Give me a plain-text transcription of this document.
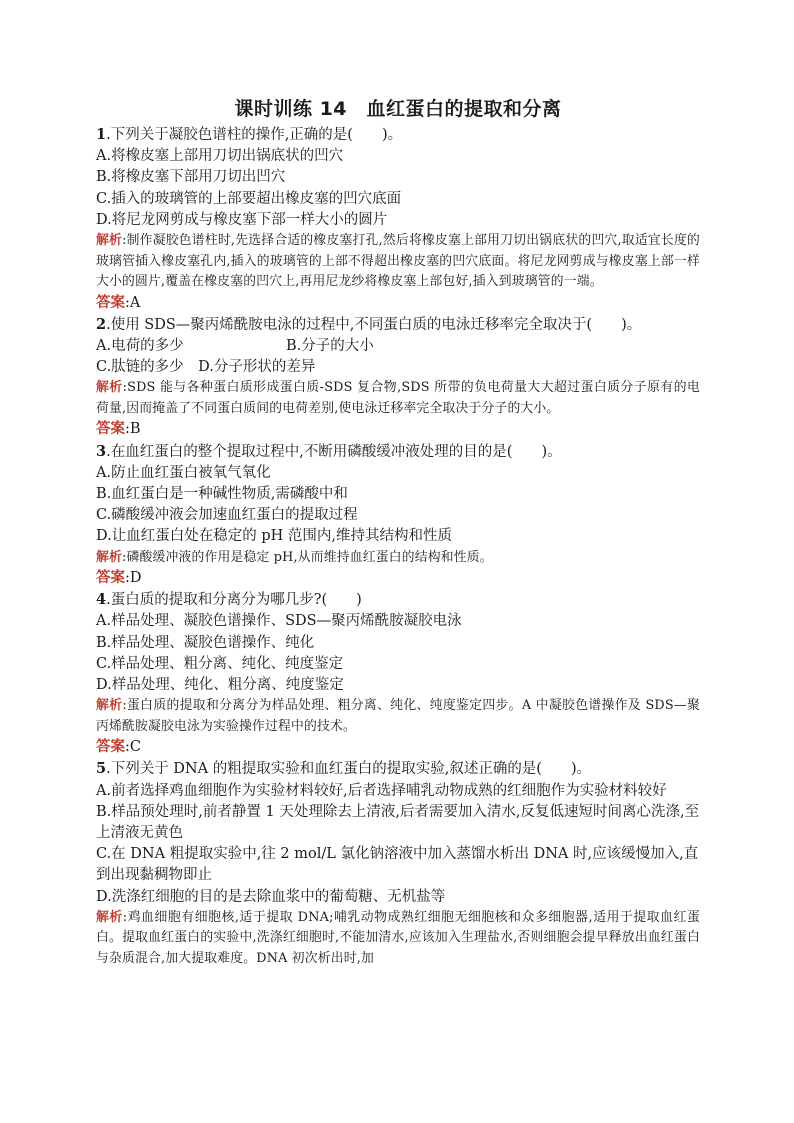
课时训练 14　血红蛋白的提取和分离
1.下列关于凝胶色谱柱的操作,正确的是(　　)。
A.将橡皮塞上部用刀切出锅底状的凹穴
B.将橡皮塞下部用刀切出凹穴
C.插入的玻璃管的上部要超出橡皮塞的凹穴底面
D.将尼龙网剪成与橡皮塞下部一样大小的圆片
解析:制作凝胶色谱柱时,先选择合适的橡皮塞打孔,然后将橡皮塞上部用刀切出锅底状的凹穴,取适宜长度的玻璃管插入橡皮塞孔内,插入的玻璃管的上部不得超出橡皮塞的凹穴底面。将尼龙网剪成与橡皮塞上部一样大小的圆片,覆盖在橡皮塞的凹穴上,再用尼龙纱将橡皮塞上部包好,插入到玻璃管的一端。
答案:A
2.使用 SDS—聚丙烯酰胺电泳的过程中,不同蛋白质的电泳迁移率完全取决于(　　)。
A.电荷的多少	B.分子的大小
C.肽链的多少　D.分子形状的差异
解析:SDS 能与各种蛋白质形成蛋白质-SDS 复合物,SDS 所带的负电荷量大大超过蛋白质分子原有的电荷量,因而掩盖了不同蛋白质间的电荷差别,使电泳迁移率完全取决于分子的大小。
答案:B
3.在血红蛋白的整个提取过程中,不断用磷酸缓冲液处理的目的是(　　)。
A.防止血红蛋白被氧气氧化
B.血红蛋白是一种碱性物质,需磷酸中和
C.磷酸缓冲液会加速血红蛋白的提取过程
D.让血红蛋白处在稳定的 pH 范围内,维持其结构和性质
解析:磷酸缓冲液的作用是稳定 pH,从而维持血红蛋白的结构和性质。
答案:D
4.蛋白质的提取和分离分为哪几步?(　　)
A.样品处理、凝胶色谱操作、SDS—聚丙烯酰胺凝胶电泳
B.样品处理、凝胶色谱操作、纯化
C.样品处理、粗分离、纯化、纯度鉴定
D.样品处理、纯化、粗分离、纯度鉴定
解析:蛋白质的提取和分离分为样品处理、粗分离、纯化、纯度鉴定四步。A 中凝胶色谱操作及 SDS—聚丙烯酰胺凝胶电泳为实验操作过程中的技术。
答案:C
5.下列关于 DNA 的粗提取实验和血红蛋白的提取实验,叙述正确的是(　　)。
A.前者选择鸡血细胞作为实验材料较好,后者选择哺乳动物成熟的红细胞作为实验材料较好
B.样品预处理时,前者静置 1 天处理除去上清液,后者需要加入清水,反复低速短时间离心洗涤,至上清液无黄色
C.在 DNA 粗提取实验中,往 2 mol/L 氯化钠溶液中加入蒸馏水析出 DNA 时,应该缓慢加入,直到出现黏稠物即止
D.洗涤红细胞的目的是去除血浆中的葡萄糖、无机盐等
解析:鸡血细胞有细胞核,适于提取 DNA;哺乳动物成熟红细胞无细胞核和众多细胞器,适用于提取血红蛋白。提取血红蛋白的实验中,洗涤红细胞时,不能加清水,应该加入生理盐水,否则细胞会提早释放出血红蛋白与杂质混合,加大提取难度。DNA 初次析出时,加
